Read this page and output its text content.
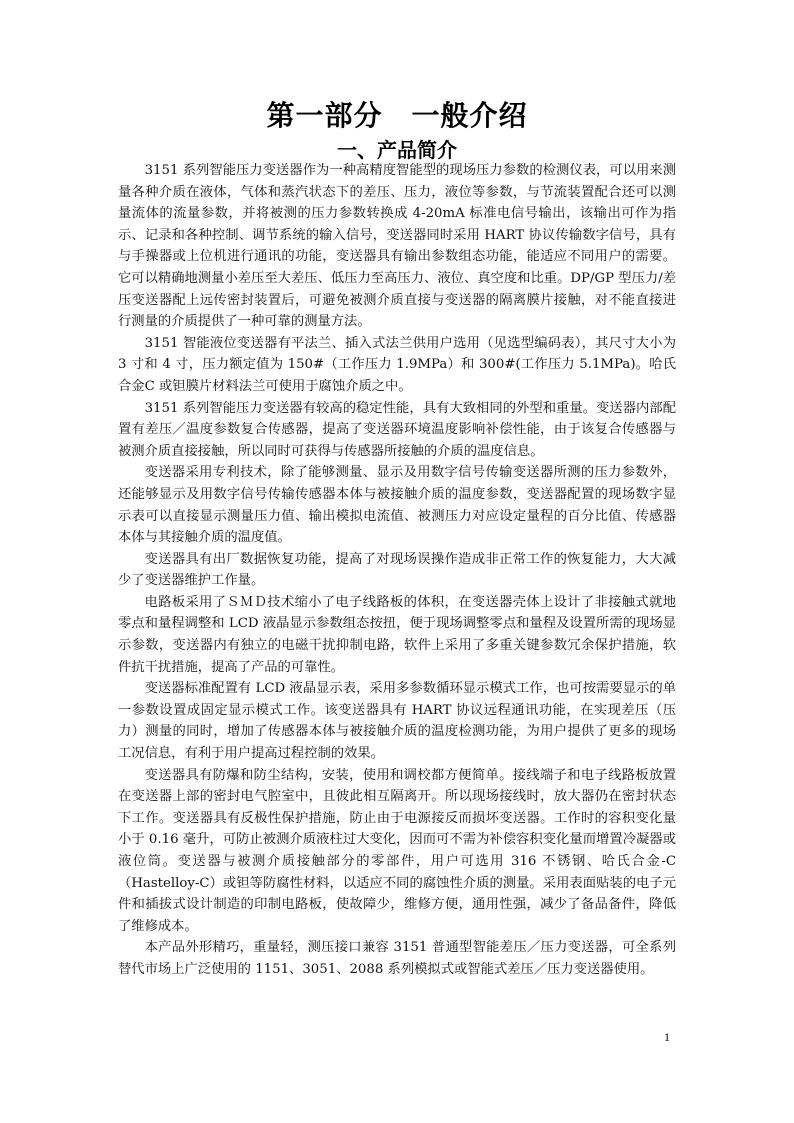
第一部分　一般介绍
一、产品简介

3151 系列智能压力变送器作为一种高精度智能型的现场压力参数的检测仪表，可以用来测量各种介质在液体，气体和蒸汽状态下的差压、压力，液位等参数，与节流装置配合还可以测量流体的流量参数，并将被测的压力参数转换成 4-20mA 标准电信号输出，该输出可作为指示、记录和各种控制、调节系统的输入信号，变送器同时采用 HART 协议传输数字信号，具有与手操器或上位机进行通讯的功能，变送器具有输出参数组态功能，能适应不同用户的需要。它可以精确地测量小差压至大差压、低压力至高压力、液位、真空度和比重。DP/GP 型压力/差压变送器配上远传密封装置后，可避免被测介质直接与变送器的隔离膜片接触，对不能直接进行测量的介质提供了一种可靠的测量方法。

3151 智能液位变送器有平法兰、插入式法兰供用户选用（见选型编码表），其尺寸大小为 3 寸和 4 寸，压力额定值为 150#（工作压力 1.9MPa）和 300#(工作压力 5.1MPa)。哈氏合金C 或钽膜片材料法兰可使用于腐蚀介质之中。

3151 系列智能压力变送器有较高的稳定性能，具有大致相同的外型和重量。变送器内部配置有差压／温度参数复合传感器，提高了变送器环境温度影响补偿性能，由于该复合传感器与被测介质直接接触，所以同时可获得与传感器所接触的介质的温度信息。

变送器采用专利技术，除了能够测量、显示及用数字信号传输变送器所测的压力参数外，还能够显示及用数字信号传输传感器本体与被接触介质的温度参数，变送器配置的现场数字显示表可以直接显示测量压力值、输出模拟电流值、被测压力对应设定量程的百分比值、传感器本体与其接触介质的温度值。

变送器具有出厂数据恢复功能，提高了对现场误操作造成非正常工作的恢复能力，大大减少了变送器维护工作量。

电路板采用了ＳＭＤ技术缩小了电子线路板的体积，在变送器壳体上设计了非接触式就地零点和量程调整和 LCD 液晶显示参数组态按扭，便于现场调整零点和量程及设置所需的现场显示参数，变送器内有独立的电磁干扰抑制电路，软件上采用了多重关键参数冗余保护措施，软件抗干扰措施，提高了产品的可靠性。

变送器标准配置有 LCD 液晶显示表，采用多参数循环显示模式工作，也可按需要显示的单一参数设置成固定显示模式工作。该变送器具有 HART 协议远程通讯功能，在实现差压（压力）测量的同时，增加了传感器本体与被接触介质的温度检测功能，为用户提供了更多的现场工况信息，有利于用户提高过程控制的效果。

变送器具有防爆和防尘结构，安装，使用和调校都方便简单。接线端子和电子线路板放置在变送器上部的密封电气腔室中，且彼此相互隔离开。所以现场接线时，放大器仍在密封状态下工作。变送器具有反极性保护措施，防止由于电源接反而损坏变送器。工作时的容积变化量小于 0.16 毫升，可防止被测介质液柱过大变化，因而可不需为补偿容积变化量而增置冷凝器或液位筒。变送器与被测介质接触部分的零部件，用户可选用 316 不锈钢、哈氏合金-C（Hastelloy-C）或钽等防腐性材料，以适应不同的腐蚀性介质的测量。采用表面贴装的电子元件和插拔式设计制造的印制电路板，使故障少，维修方便，通用性强，减少了备品备件，降低了维修成本。

本产品外形精巧，重量轻，测压接口兼容 3151 普通型智能差压／压力变送器，可全系列替代市场上广泛使用的 1151、3051、2088 系列模拟式或智能式差压／压力变送器使用。

1
